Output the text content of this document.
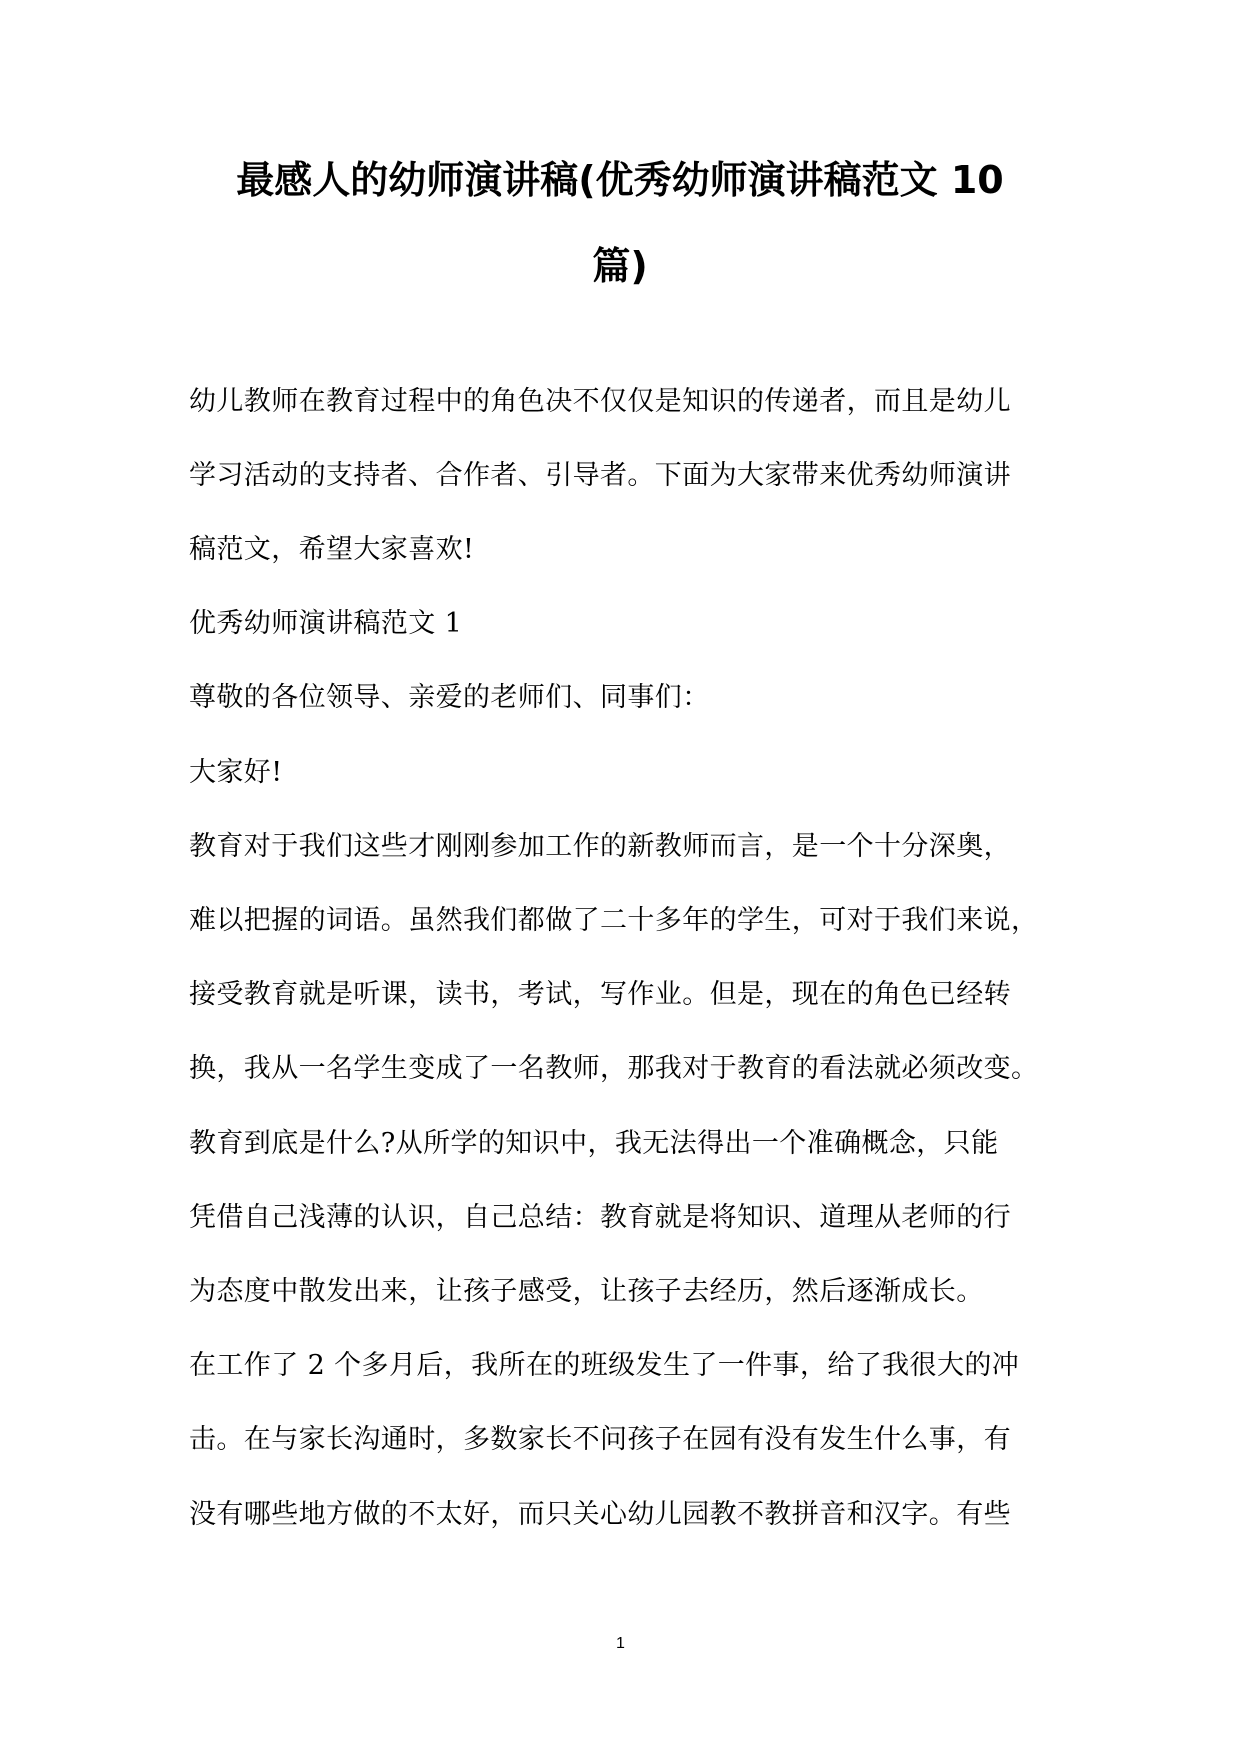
最感人的幼师演讲稿(优秀幼师演讲稿范文 10
篇)
幼儿教师在教育过程中的角色决不仅仅是知识的传递者，而且是幼儿
学习活动的支持者、合作者、引导者。下面为大家带来优秀幼师演讲
稿范文，希望大家喜欢!
优秀幼师演讲稿范文 1
尊敬的各位领导、亲爱的老师们、同事们：
大家好!
教育对于我们这些才刚刚参加工作的新教师而言，是一个十分深奥，
难以把握的词语。虽然我们都做了二十多年的学生，可对于我们来说，
接受教育就是听课，读书，考试，写作业。但是，现在的角色已经转
换，我从一名学生变成了一名教师，那我对于教育的看法就必须改变。
教育到底是什么?从所学的知识中，我无法得出一个准确概念，只能
凭借自己浅薄的认识，自己总结：教育就是将知识、道理从老师的行
为态度中散发出来，让孩子感受，让孩子去经历，然后逐渐成长。
在工作了 2 个多月后，我所在的班级发生了一件事，给了我很大的冲
击。在与家长沟通时，多数家长不问孩子在园有没有发生什么事，有
没有哪些地方做的不太好，而只关心幼儿园教不教拼音和汉字。有些
1
